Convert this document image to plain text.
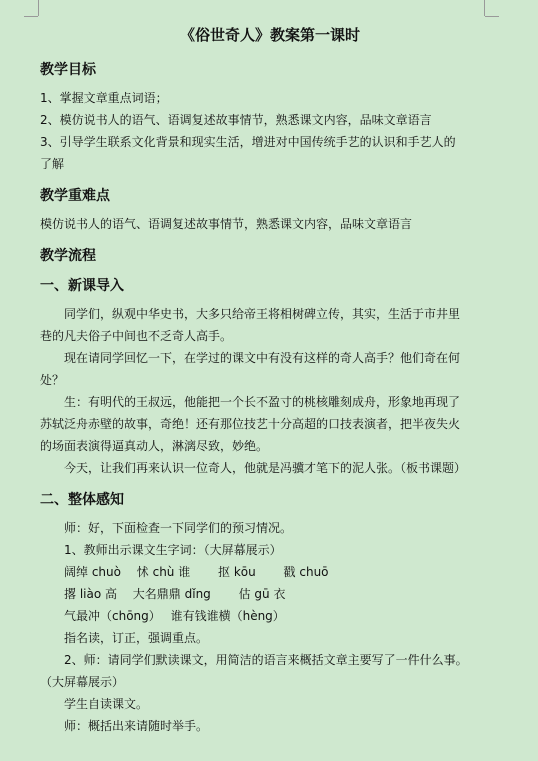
《俗世奇人》教案第一课时
教学目标

1、掌握文章重点词语；

2、模仿说书人的语气、语调复述故事情节，熟悉课文内容，品味文章语言

3、引导学生联系文化背景和现实生活，增进对中国传统手艺的认识和手艺人的

了解

教学重难点

模仿说书人的语气、语调复述故事情节，熟悉课文内容，品味文章语言

教学流程
一、新课导入

同学们，纵观中华史书，大多只给帝王将相树碑立传，其实，生活于市井里

巷的凡夫俗子中间也不乏奇人高手。

现在请同学回忆一下，在学过的课文中有没有这样的奇人高手？他们奇在何

处？

生：有明代的王叔远，他能把一个长不盈寸的桃核雕刻成舟，形象地再现了

苏轼泛舟赤壁的故事，奇绝！还有那位技艺十分高超的口技表演者，把半夜失火

的场面表演得逼真动人，淋漓尽致，妙绝。

今天，让我们再来认识一位奇人，他就是冯骥才笔下的泥人张。（板书课题）

二、整体感知

师：好，下面检查一下同学们的预习情况。

1、教师出示课文生字词：（大屏幕展示）

阔绰 chuò　 怵 chù 谁　　 抠 kōu　　 戳 chuō

撂 liào 高　 大名鼎鼎 dǐng　　 估 gū 衣

气最冲（chōng）　 谁有钱谁横（hèng）

指名读，订正，强调重点。

2、师：请同学们默读课文，用简洁的语言来概括文章主要写了一件什么事。

（大屏幕展示）

学生自读课文。

师：概括出来请随时举手。
